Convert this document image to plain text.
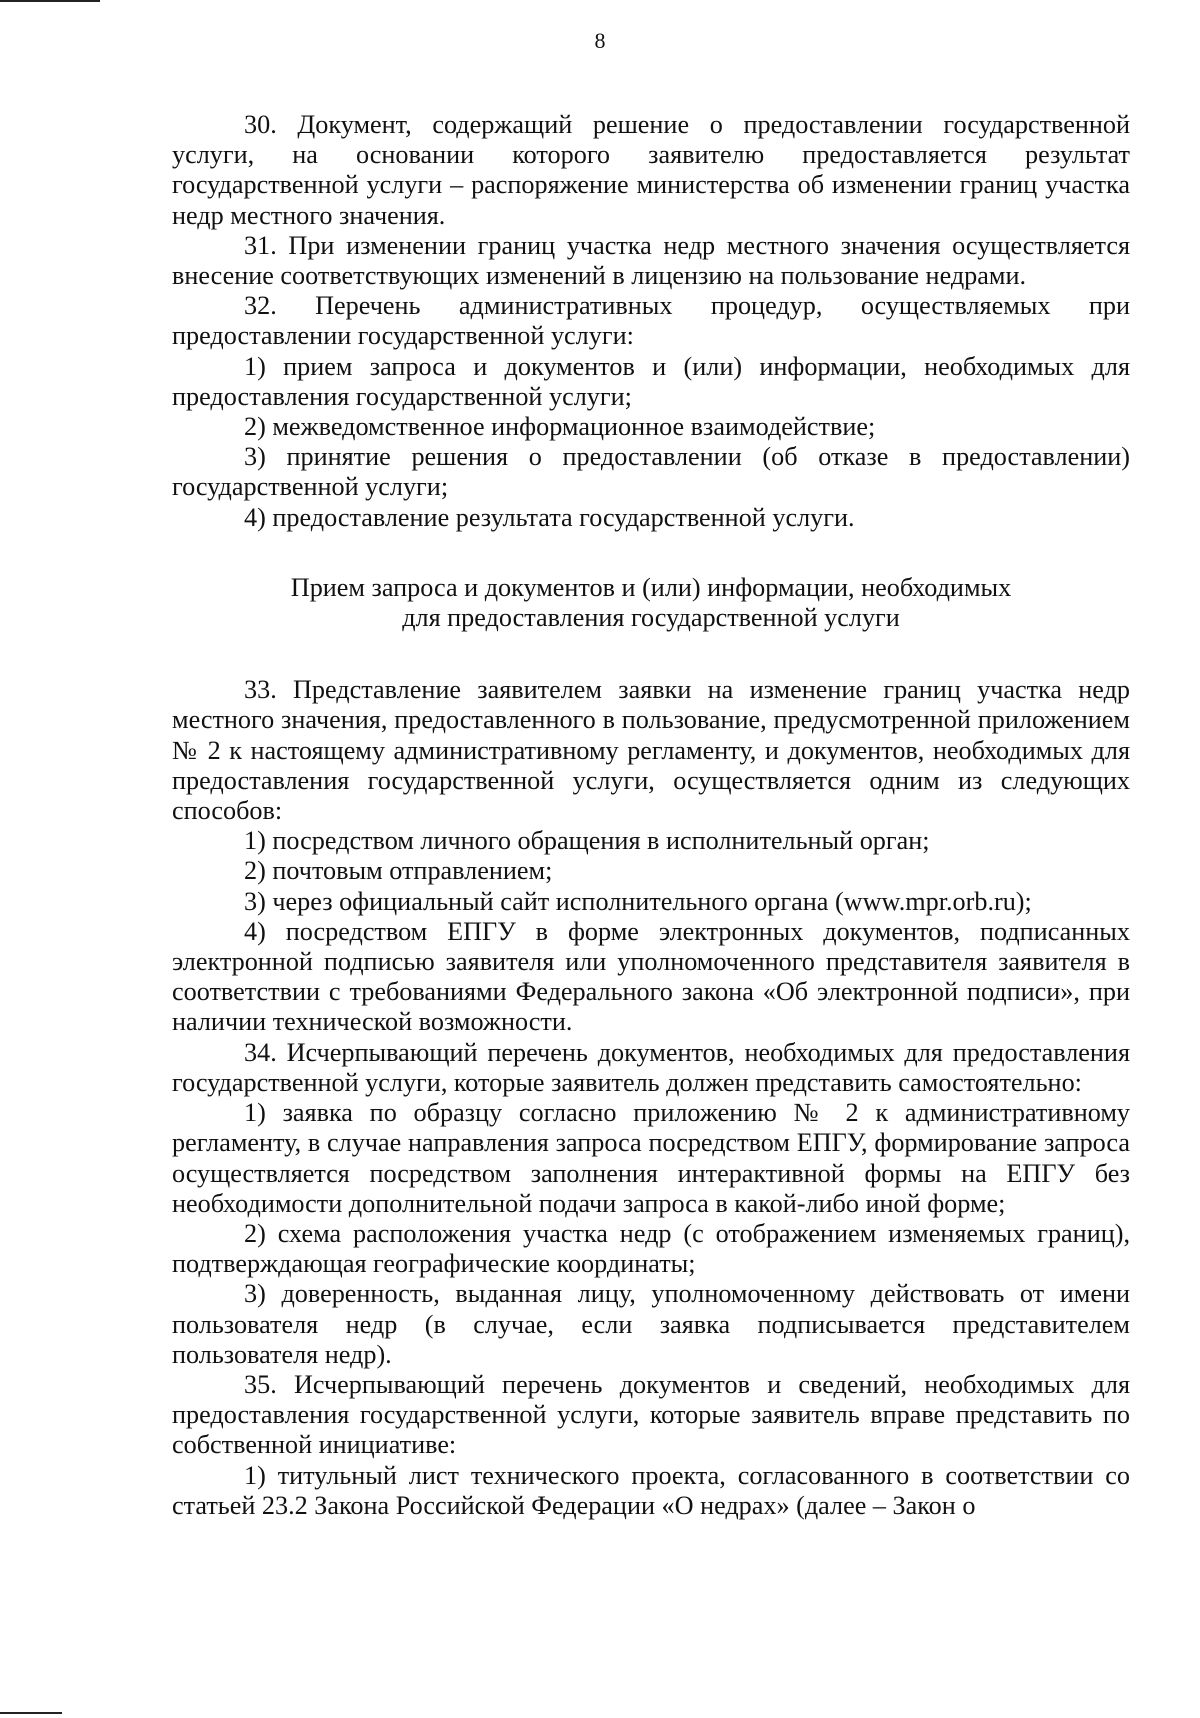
8

30. Документ, содержащий решение о предоставлении государственной услуги, на основании которого заявителю предоставляется результат государственной услуги – распоряжение министерства об изменении границ участка недр местного значения.

31. При изменении границ участка недр местного значения осуществляется внесение соответствующих изменений в лицензию на пользование недрами.

32. Перечень административных процедур, осуществляемых при предоставлении государственной услуги:

1) прием запроса и документов и (или) информации, необходимых для предоставления государственной услуги;

2) межведомственное информационное взаимодействие;

3) принятие решения о предоставлении (об отказе в предоставлении) государственной услуги;

4) предоставление результата государственной услуги.

Прием запроса и документов и (или) информации, необходимых
для предоставления государственной услуги

33. Представление заявителем заявки на изменение границ участка недр местного значения, предоставленного в пользование, предусмотренной приложением № 2 к настоящему административному регламенту, и документов, необходимых для предоставления государственной услуги, осуществляется одним из следующих способов:

1) посредством личного обращения в исполнительный орган;

2) почтовым отправлением;

3) через официальный сайт исполнительного органа (www.mpr.orb.ru);

4) посредством ЕПГУ в форме электронных документов, подписанных электронной подписью заявителя или уполномоченного представителя заявителя в соответствии с требованиями Федерального закона «Об электронной подписи», при наличии технической возможности.

34. Исчерпывающий перечень документов, необходимых для предоставления государственной услуги, которые заявитель должен представить самостоятельно:

1) заявка по образцу согласно приложению № 2 к административному регламенту, в случае направления запроса посредством ЕПГУ, формирование запроса осуществляется посредством заполнения интерактивной формы на ЕПГУ без необходимости дополнительной подачи запроса в какой-либо иной форме;

2) схема расположения участка недр (с отображением изменяемых границ), подтверждающая географические координаты;

3) доверенность, выданная лицу, уполномоченному действовать от имени пользователя недр (в случае, если заявка подписывается представителем пользователя недр).

35. Исчерпывающий перечень документов и сведений, необходимых для предоставления государственной услуги, которые заявитель вправе представить по собственной инициативе:

1) титульный лист технического проекта, согласованного в соответствии со статьей 23.2 Закона Российской Федерации «О недрах» (далее – Закон о
